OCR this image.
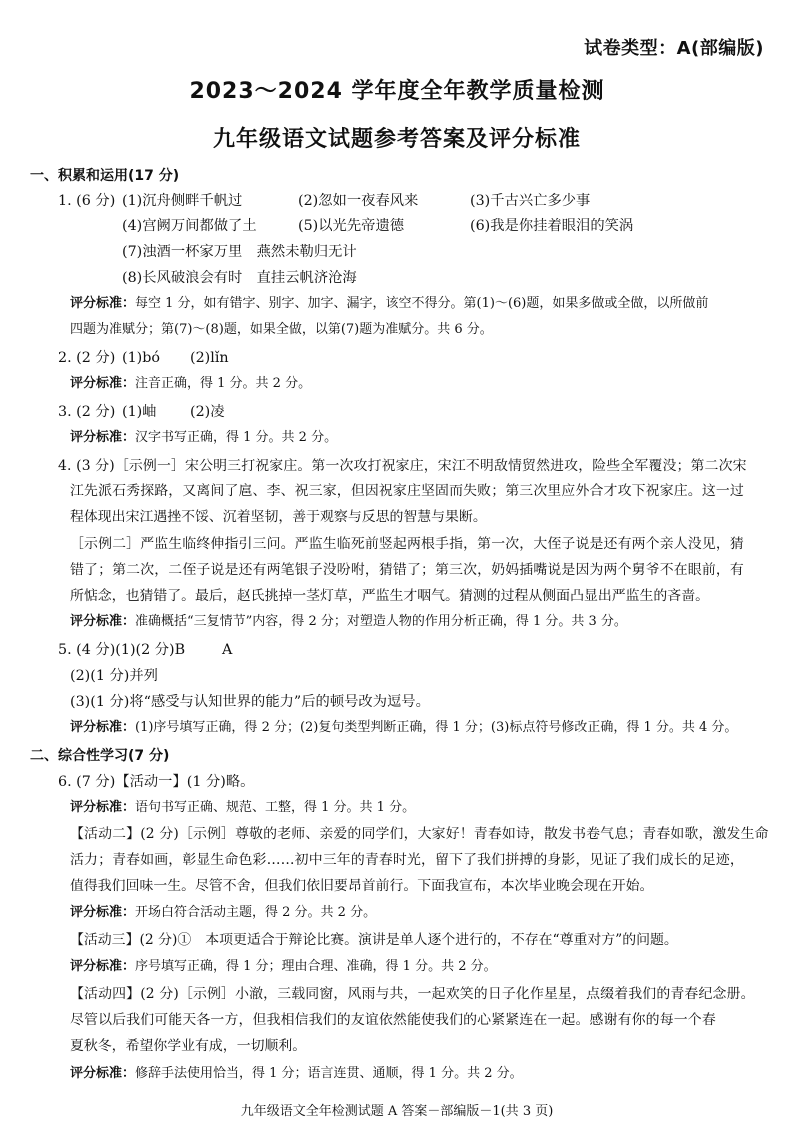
试卷类型：A(部编版)
2023～2024 学年度全年教学质量检测
九年级语文试题参考答案及评分标准
一、积累和运用(17 分)
1. (6 分) (1)沉舟侧畔千帆过	(2)忽如一夜春风来	(3)千古兴亡多少事
(4)宫阙万间都做了土	(5)以光先帝遗德	(6)我是你挂着眼泪的笑涡
(7)浊酒一杯家万里　燕然未勒归无计
(8)长风破浪会有时　直挂云帆济沧海
评分标准：每空 1 分，如有错字、别字、加字、漏字，该空不得分。第(1)～(6)题，如果多做或全做，以所做前
四题为准赋分；第(7)～(8)题，如果全做，以第(7)题为准赋分。共 6 分。
2. (2 分) (1)bó (2)lǐn
评分标准：注音正确，得 1 分。共 2 分。
3. (2 分) (1)岫 (2)凌
评分标准：汉字书写正确，得 1 分。共 2 分。
4. (3 分)［示例一］宋公明三打祝家庄。第一次攻打祝家庄，宋江不明敌情贸然进攻，险些全军覆没；第二次宋
江先派石秀探路，又离间了扈、李、祝三家，但因祝家庄坚固而失败；第三次里应外合才攻下祝家庄。这一过
程体现出宋江遇挫不馁、沉着坚韧，善于观察与反思的智慧与果断。
［示例二］严监生临终伸指引三问。严监生临死前竖起两根手指，第一次，大侄子说是还有两个亲人没见，猜
错了；第二次，二侄子说是还有两笔银子没吩咐，猜错了；第三次，奶妈插嘴说是因为两个舅爷不在眼前，有
所惦念，也猜错了。最后，赵氏挑掉一茎灯草，严监生才咽气。猜测的过程从侧面凸显出严监生的吝啬。
评分标准：准确概括“三复情节”内容，得 2 分；对塑造人物的作用分析正确，得 1 分。共 3 分。
5. (4 分)(1)(2 分)B	A
(2)(1 分)并列
(3)(1 分)将“感受与认知世界的能力”后的顿号改为逗号。
评分标准：(1)序号填写正确，得 2 分；(2)复句类型判断正确，得 1 分；(3)标点符号修改正确，得 1 分。共 4 分。
二、综合性学习(7 分)
6. (7 分)【活动一】(1 分)略。
评分标准：语句书写正确、规范、工整，得 1 分。共 1 分。
【活动二】(2 分)［示例］尊敬的老师、亲爱的同学们，大家好！青春如诗，散发书卷气息；青春如歌，激发生命
活力；青春如画，彰显生命色彩……初中三年的青春时光，留下了我们拼搏的身影，见证了我们成长的足迹，
值得我们回味一生。尽管不舍，但我们依旧要昂首前行。下面我宣布，本次毕业晚会现在开始。
评分标准：开场白符合活动主题，得 2 分。共 2 分。
【活动三】(2 分)①　本项更适合于辩论比赛。演讲是单人逐个进行的，不存在“尊重对方”的问题。
评分标准：序号填写正确，得 1 分；理由合理、准确，得 1 分。共 2 分。
【活动四】(2 分)［示例］小澈，三载同窗，风雨与共，一起欢笑的日子化作星星，点缀着我们的青春纪念册。
尽管以后我们可能天各一方，但我相信我们的友谊依然能使我们的心紧紧连在一起。感谢有你的每一个春
夏秋冬，希望你学业有成，一切顺利。
评分标准：修辞手法使用恰当，得 1 分；语言连贯、通顺，得 1 分。共 2 分。
九年级语文全年检测试题 A 答案－部编版－1(共 3 页)
